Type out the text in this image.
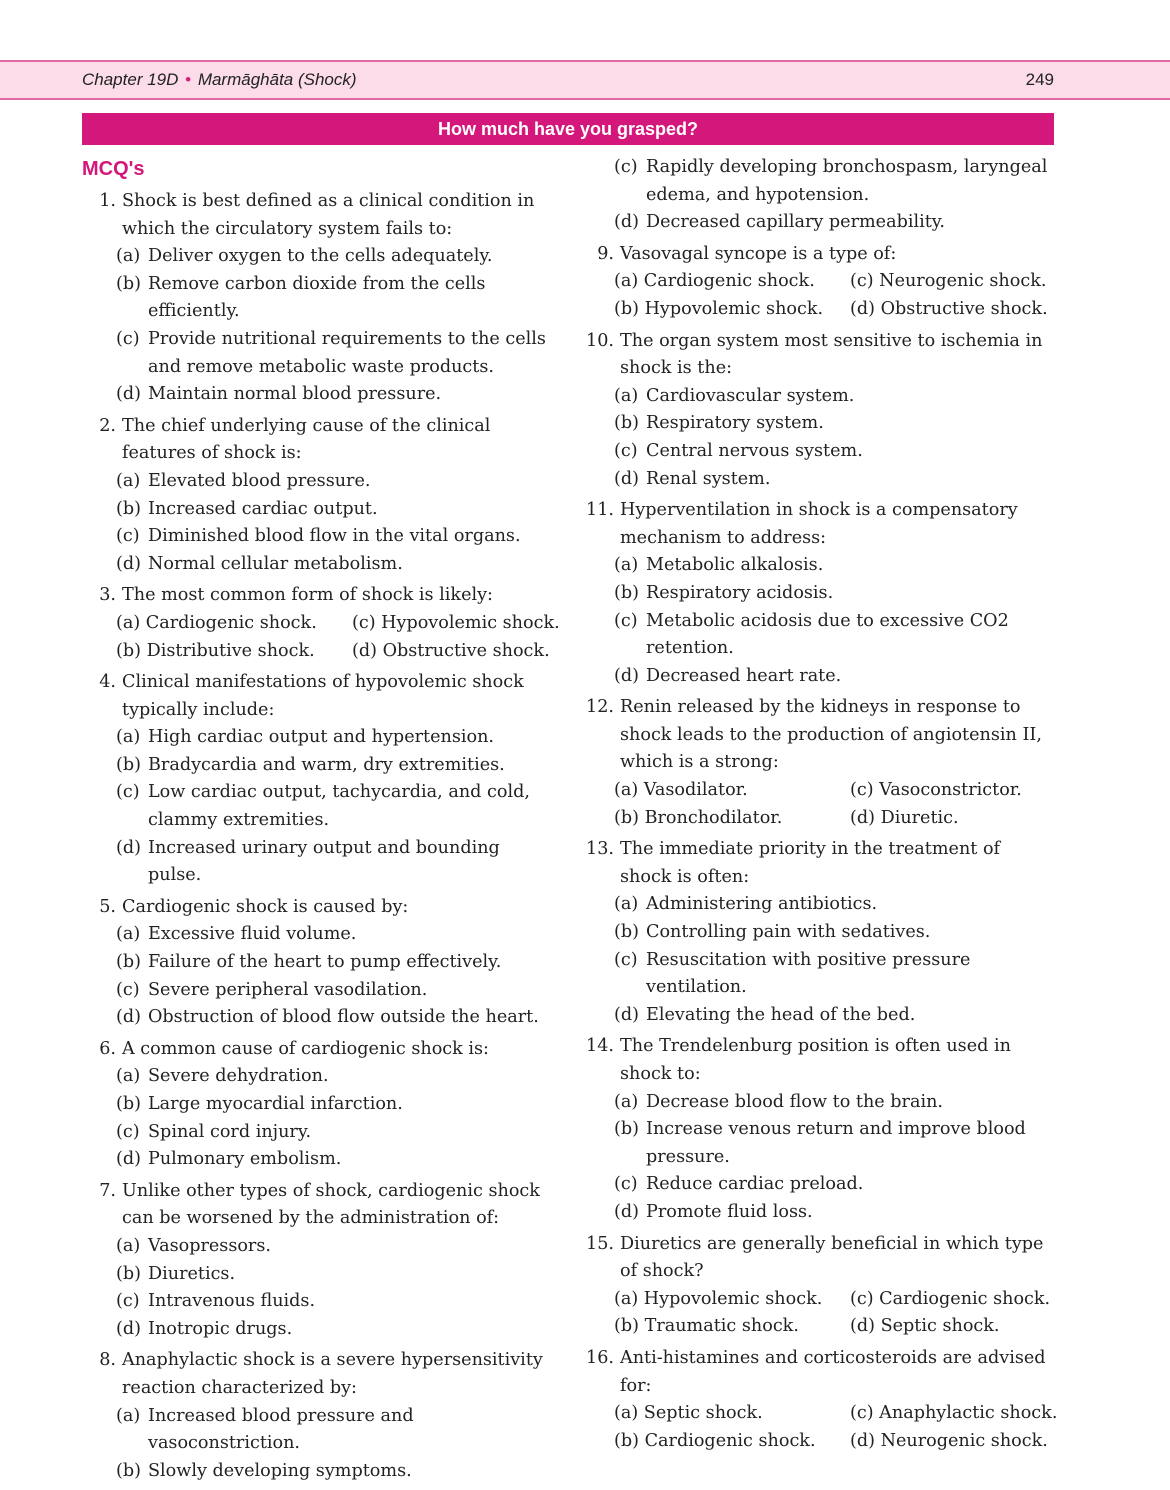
Chapter 19D • Marmāghāta (Shock)	249
How much have you grasped?
MCQ's
1. Shock is best defined as a clinical condition in which the circulatory system fails to:
(a) Deliver oxygen to the cells adequately.
(b) Remove carbon dioxide from the cells efficiently.
(c) Provide nutritional requirements to the cells and remove metabolic waste products.
(d) Maintain normal blood pressure.
2. The chief underlying cause of the clinical features of shock is:
(a) Elevated blood pressure.
(b) Increased cardiac output.
(c) Diminished blood flow in the vital organs.
(d) Normal cellular metabolism.
3. The most common form of shock is likely:
(a) Cardiogenic shock.	(c) Hypovolemic shock.
(b) Distributive shock.	(d) Obstructive shock.
4. Clinical manifestations of hypovolemic shock typically include:
(a) High cardiac output and hypertension.
(b) Bradycardia and warm, dry extremities.
(c) Low cardiac output, tachycardia, and cold, clammy extremities.
(d) Increased urinary output and bounding pulse.
5. Cardiogenic shock is caused by:
(a) Excessive fluid volume.
(b) Failure of the heart to pump effectively.
(c) Severe peripheral vasodilation.
(d) Obstruction of blood flow outside the heart.
6. A common cause of cardiogenic shock is:
(a) Severe dehydration.
(b) Large myocardial infarction.
(c) Spinal cord injury.
(d) Pulmonary embolism.
7. Unlike other types of shock, cardiogenic shock can be worsened by the administration of:
(a) Vasopressors.
(b) Diuretics.
(c) Intravenous fluids.
(d) Inotropic drugs.
8. Anaphylactic shock is a severe hypersensitivity reaction characterized by:
(a) Increased blood pressure and vasoconstriction.
(b) Slowly developing symptoms.
(c) Rapidly developing bronchospasm, laryngeal edema, and hypotension.
(d) Decreased capillary permeability.
9. Vasovagal syncope is a type of:
(a) Cardiogenic shock.	(c) Neurogenic shock.
(b) Hypovolemic shock.	(d) Obstructive shock.
10. The organ system most sensitive to ischemia in shock is the:
(a) Cardiovascular system.
(b) Respiratory system.
(c) Central nervous system.
(d) Renal system.
11. Hyperventilation in shock is a compensatory mechanism to address:
(a) Metabolic alkalosis.
(b) Respiratory acidosis.
(c) Metabolic acidosis due to excessive CO2 retention.
(d) Decreased heart rate.
12. Renin released by the kidneys in response to shock leads to the production of angiotensin II, which is a strong:
(a) Vasodilator.	(c) Vasoconstrictor.
(b) Bronchodilator.	(d) Diuretic.
13. The immediate priority in the treatment of shock is often:
(a) Administering antibiotics.
(b) Controlling pain with sedatives.
(c) Resuscitation with positive pressure ventilation.
(d) Elevating the head of the bed.
14. The Trendelenburg position is often used in shock to:
(a) Decrease blood flow to the brain.
(b) Increase venous return and improve blood pressure.
(c) Reduce cardiac preload.
(d) Promote fluid loss.
15. Diuretics are generally beneficial in which type of shock?
(a) Hypovolemic shock.	(c) Cardiogenic shock.
(b) Traumatic shock.	(d) Septic shock.
16. Anti-histamines and corticosteroids are advised for:
(a) Septic shock.	(c) Anaphylactic shock.
(b) Cardiogenic shock.	(d) Neurogenic shock.
